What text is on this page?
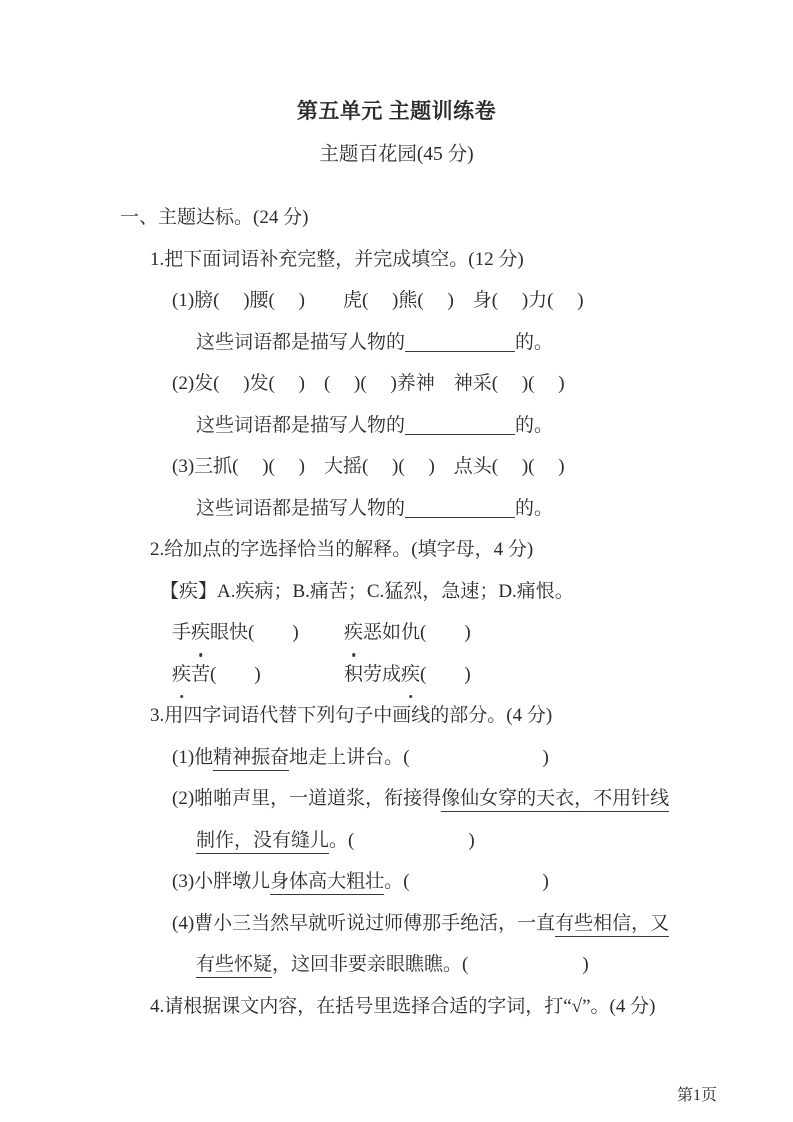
第五单元 主题训练卷
主题百花园(45 分)
一、主题达标。(24 分)
1.把下面词语补充完整，并完成填空。(12 分)
(1)膀(　 )腰(　 )　　虎(　 )熊(　 )　身(　 )力(　 )
这些词语都是描写人物的	的。
(2)发(　 )发(　 )　(　 )(　 )养神　神采(　 )(　 )
这些词语都是描写人物的	的。
(3)三抓(　 )(　 )　大摇(　 )(　 )　点头(　 )(　 )
这些词语都是描写人物的	的。
2.给加点的字选择恰当的解释。(填字母，4 分)
【疾】A.疾病；B.痛苦；C.猛烈，急速；D.痛恨。
手疾眼快(　　) 疾恶如仇(　　)
疾苦(　　)	积劳成疾(　　)
3.用四字词语代替下列句子中画线的部分。(4 分)
(1)他精神振奋地走上讲台。(　　　　　　　)
(2)啪啪声里，一道道浆，衔接得像仙女穿的天衣，不用针线
制作，没有缝儿。(　　　　　　)
(3)小胖墩儿身体高大粗壮。(　　　　　　　)
(4)曹小三当然早就听说过师傅那手绝活，一直有些相信，又
有些怀疑，这回非要亲眼瞧瞧。(　　　　　　)
4.请根据课文内容，在括号里选择合适的字词，打“√”。(4 分)
第1页
